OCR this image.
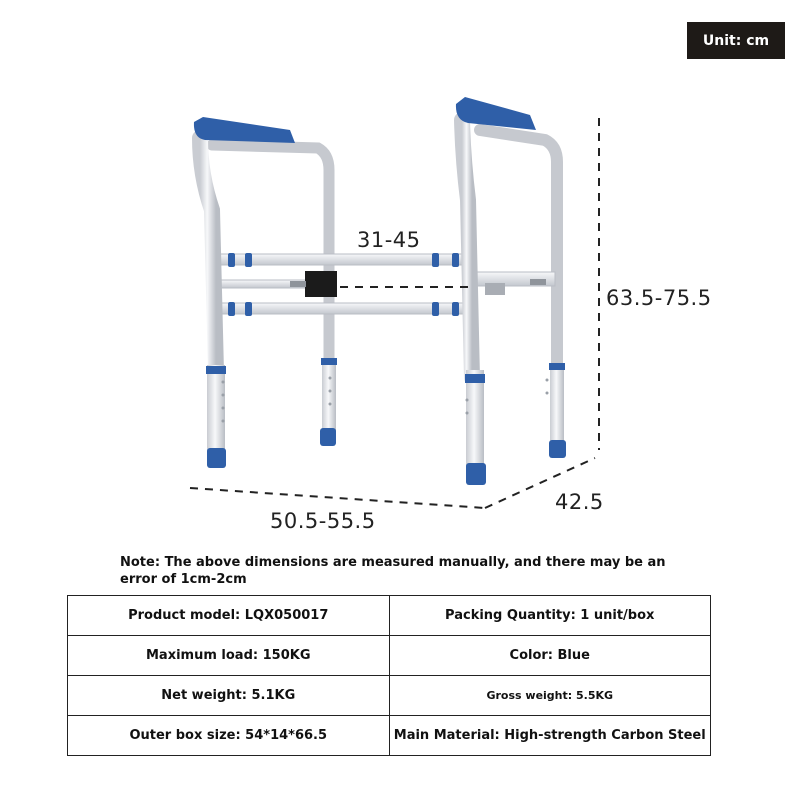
Unit: cm
31-45
63.5-75.5
50.5-55.5
42.5
Note: The above dimensions are measured manually, and there may be an error of 1cm-2cm
Product model: LQX050017	Packing Quantity: 1 unit/box
Maximum load: 150KG	Color: Blue
Net weight: 5.1KG	Gross weight: 5.5KG
Outer box size: 54*14*66.5	Main Material: High-strength Carbon Steel
